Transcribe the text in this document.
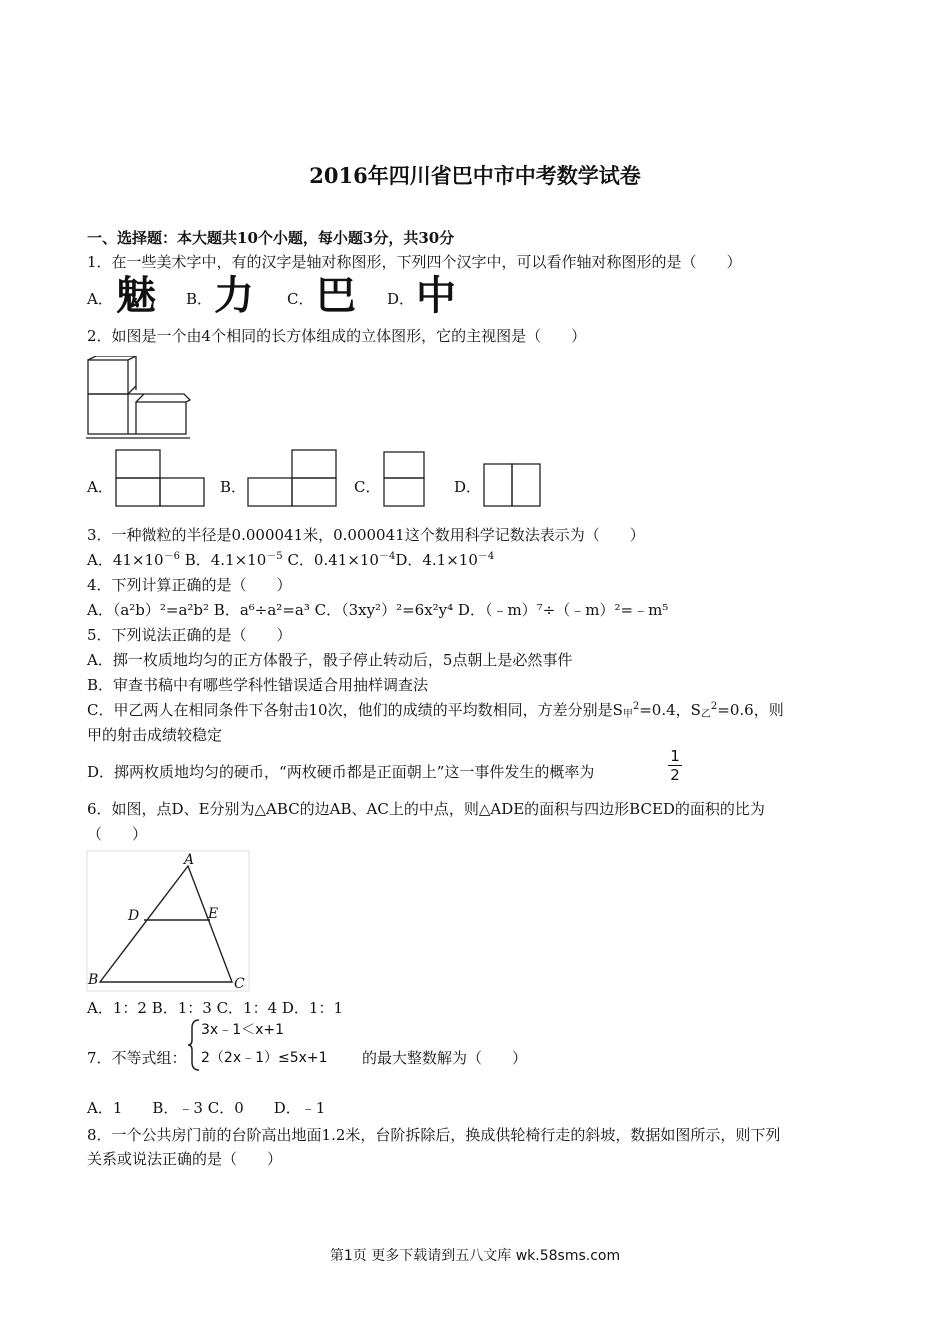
2016年四川省巴中市中考数学试卷
一、选择题：本大题共10个小题，每小题3分，共30分
1．在一些美术字中，有的汉字是轴对称图形，下列四个汉字中，可以看作轴对称图形的是（　　）
A． 魅 B． 力 C． 巴 D． 中
2．如图是一个由4个相同的长方体组成的立体图形，它的主视图是（　　）
A．	B．	C．	D．
3．一种微粒的半径是0.000041米，0.000041这个数用科学记数法表示为（　　）
A．$41\times 10^{-6}$ B．$4.1\times 10^{-5}$ C．$0.41\times 10^{-4}D$．$4.1\times 10^{-4}$
4．下列计算正确的是（　　）
A．（a²b）²=a²b² B．a⁶÷a²=a³ C．（3xy²）²=6x²y⁴ D．（﹣m）⁷÷（﹣m）²=﹣m⁵
5．下列说法正确的是（　　）
A．掷一枚质地均匀的正方体骰子，骰子停止转动后，5点朝上是必然事件
B．审查书稿中有哪些学科性错误适合用抽样调查法
C．甲乙两人在相同条件下各射击10次，他们的成绩的平均数相同，方差分别是$S_甲^2=0.4$，$S_乙^2=0.6$，则
甲的射击成绩较稳定
D．掷两枚质地均匀的硬币，“两枚硬币都是正面朝上”这一事件发生的概率为	$\frac{1}{2}$
6．如图，点D、E分别为△ABC的边AB、AC上的中点，则△ADE的面积与四边形BCED的面积的比为
（　　）
A
B	C
D	E
A．1：2 B．1：3 C．1：4 D．1：1
7．不等式组：
3x﹣1＜x+1
2（2x﹣1）≤5x+1 的最大整数解为（　　）
A．1　　B．﹣3 C．0　　D．﹣1
8．一个公共房门前的台阶高出地面1.2米，台阶拆除后，换成供轮椅行走的斜坡，数据如图所示，则下列
关系或说法正确的是（　　）
第1页 更多下载请到五八文库 wk.58sms.com
